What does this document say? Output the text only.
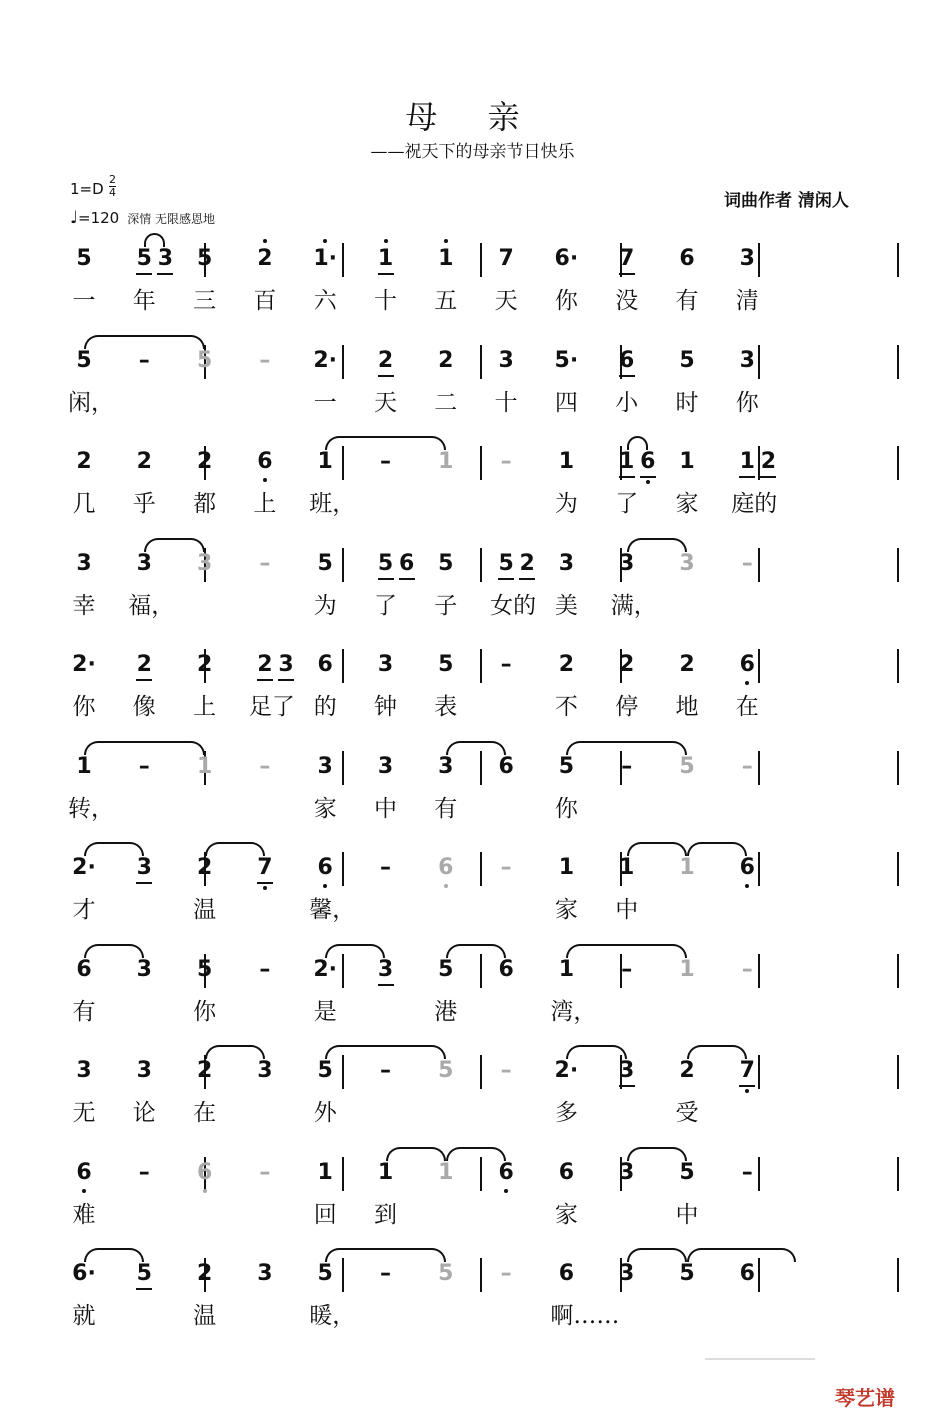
母 亲
——祝天下的母亲节日快乐
1=D
2
4
♩=120 深情 无限感恩地
词曲作者 清闲人
5 5 3 5 2 1· 1 1 7 6· 7 6 3
一 年 三 百 六 十 五 天 你 没 有 清
5	–	5	–	2· 2 2 3 5· 6 5 3
闲，	一 天 二 十 四 小 时 你
2 2 2 6 1	–	1	–	1 1 6 1 1 2
几 乎 都 上 班，	为 了 家 庭的
3 3 3	–	5 5 6 5 5 2 3 3 3	–
幸 福，	为 了 子 女的 美 满，
2· 2 2 2 3 6 3 5	–	2 2 2 6
你 像 上 足了 的 钟 表	不 停 地 在
1	–	1	–	3 3 3 6 5	–	5	–
转，	家 中 有	你
2· 3 2 7 6	–	6	–	1 1 1 6
才	温	馨，	家 中
6 3 5	–	2· 3 5 6 1	–	1	–
有	你	是	港	湾，
3 3 2 3 5	–	5	–	2· 3 2 7
无 论 在	外	多	受
6	–	6	–	1 1 1 6 6 3 5	–
难	回 到	家	中
6· 5 2 3 5	–	5	–	6 3 5 6
就	温	暖，	啊……
琴艺谱
